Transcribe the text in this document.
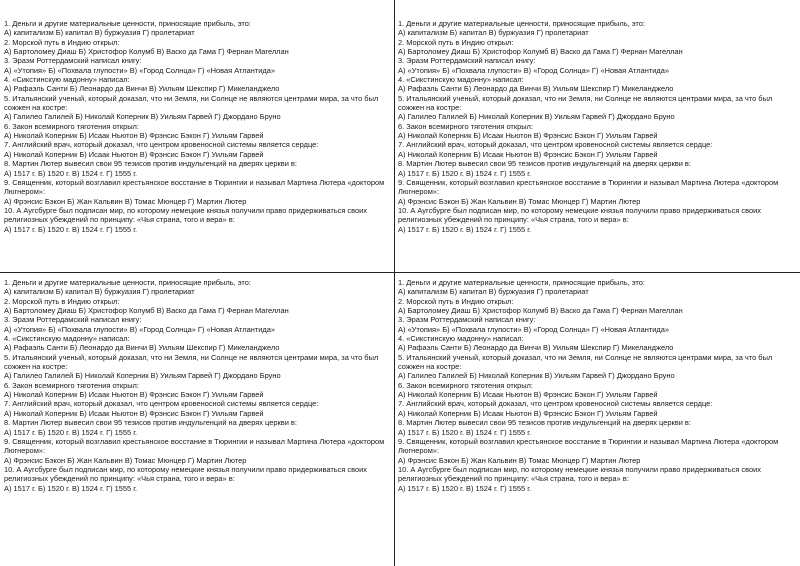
1. Деньги и другие материальные ценности, приносящие прибыль, это:

А) капитализм Б) капитал В) буржуазия Г) пролетариат

2. Морской путь в Индию открыл:

А) Бартоломеу Диаш Б) Христофор Колумб В) Васко да Гама Г) Фернан Магеллан

3. Эразм Роттердамский написал книгу:

А) «Утопия» Б) «Похвала глупости» В) «Город Солнца» Г) «Новая Атлантида»

4. «Сикстинскую мадонну» написал:

А) Рафаэль Санти Б) Леонардо да Винчи В) Уильям Шекспир Г) Микеланджело

5. Итальянский ученый, который доказал, что ни Земля, ни Солнце не являются центрами мира, за что был сожжен на костре:

А) Галилео Галилей Б) Николай Коперник В) Уильям Гарвей Г) Джордано Бруно

6. Закон всемирного тяготения открыл:

А) Николай Коперник Б) Исаак Ньютон В) Фрэнсис Бэкон Г) Уильям Гарвей

7. Английский врач, который доказал, что центром кровеносной системы является сердце:

А) Николай Коперник Б) Исаак Ньютон В) Фрэнсис Бэкон Г) Уильям Гарвей

8. Мартин Лютер вывесил свои 95 тезисов против индульгенций на дверях церкви в:

А) 1517 г. Б) 1520 г. В) 1524 г. Г) 1555 г.

9. Священник, который возглавил крестьянское восстание в Тюрингии и называл Мартина Лютера «доктором Люгнером»:

А) Фрэнсис Бэкон Б) Жан Кальвин В) Томас Мюнцер Г) Мартин Лютер

10. А Аугсбурге был подписан мир, по которому немецкие князья получили право придерживаться своих религиозных убеждений по принципу: «Чья страна, того и вера» в:

А) 1517 г. Б) 1520 г. В) 1524 г. Г) 1555 г.

1. Деньги и другие материальные ценности, приносящие прибыль, это:

А) капитализм Б) капитал В) буржуазия Г) пролетариат

2. Морской путь в Индию открыл:

А) Бартоломеу Диаш Б) Христофор Колумб В) Васко да Гама Г) Фернан Магеллан

3. Эразм Роттердамский написал книгу:

А) «Утопия» Б) «Похвала глупости» В) «Город Солнца» Г) «Новая Атлантида»

4. «Сикстинскую мадонну» написал:

А) Рафаэль Санти Б) Леонардо да Винчи В) Уильям Шекспир Г) Микеланджело

5. Итальянский ученый, который доказал, что ни Земля, ни Солнце не являются центрами мира, за что был сожжен на костре:

А) Галилео Галилей Б) Николай Коперник В) Уильям Гарвей Г) Джордано Бруно

6. Закон всемирного тяготения открыл:

А) Николай Коперник Б) Исаак Ньютон В) Фрэнсис Бэкон Г) Уильям Гарвей

7. Английский врач, который доказал, что центром кровеносной системы является сердце:

А) Николай Коперник Б) Исаак Ньютон В) Фрэнсис Бэкон Г) Уильям Гарвей

8. Мартин Лютер вывесил свои 95 тезисов против индульгенций на дверях церкви в:

А) 1517 г. Б) 1520 г. В) 1524 г. Г) 1555 г.

9. Священник, который возглавил крестьянское восстание в Тюрингии и называл Мартина Лютера «доктором Люгнером»:

А) Фрэнсис Бэкон Б) Жан Кальвин В) Томас Мюнцер Г) Мартин Лютер

10. А Аугсбурге был подписан мир, по которому немецкие князья получили право придерживаться своих религиозных убеждений по принципу: «Чья страна, того и вера» в:

А) 1517 г. Б) 1520 г. В) 1524 г. Г) 1555 г.

1. Деньги и другие материальные ценности, приносящие прибыль, это:

А) капитализм Б) капитал В) буржуазия Г) пролетариат

2. Морской путь в Индию открыл:

А) Бартоломеу Диаш Б) Христофор Колумб В) Васко да Гама Г) Фернан Магеллан

3. Эразм Роттердамский написал книгу:

А) «Утопия» Б) «Похвала глупости» В) «Город Солнца» Г) «Новая Атлантида»

4. «Сикстинскую мадонну» написал:

А) Рафаэль Санти Б) Леонардо да Винчи В) Уильям Шекспир Г) Микеланджело

5. Итальянский ученый, который доказал, что ни Земля, ни Солнце не являются центрами мира, за что был сожжен на костре:

А) Галилео Галилей Б) Николай Коперник В) Уильям Гарвей Г) Джордано Бруно

6. Закон всемирного тяготения открыл:

А) Николай Коперник Б) Исаак Ньютон В) Фрэнсис Бэкон Г) Уильям Гарвей

7. Английский врач, который доказал, что центром кровеносной системы является сердце:

А) Николай Коперник Б) Исаак Ньютон В) Фрэнсис Бэкон Г) Уильям Гарвей

8. Мартин Лютер вывесил свои 95 тезисов против индульгенций на дверях церкви в:

А) 1517 г. Б) 1520 г. В) 1524 г. Г) 1555 г.

9. Священник, который возглавил крестьянское восстание в Тюрингии и называл Мартина Лютера «доктором Люгнером»:

А) Фрэнсис Бэкон Б) Жан Кальвин В) Томас Мюнцер Г) Мартин Лютер

10. А Аугсбурге был подписан мир, по которому немецкие князья получили право придерживаться своих религиозных убеждений по принципу: «Чья страна, того и вера» в:

А) 1517 г. Б) 1520 г. В) 1524 г. Г) 1555 г.

1. Деньги и другие материальные ценности, приносящие прибыль, это:

А) капитализм Б) капитал В) буржуазия Г) пролетариат

2. Морской путь в Индию открыл:

А) Бартоломеу Диаш Б) Христофор Колумб В) Васко да Гама Г) Фернан Магеллан

3. Эразм Роттердамский написал книгу:

А) «Утопия» Б) «Похвала глупости» В) «Город Солнца» Г) «Новая Атлантида»

4. «Сикстинскую мадонну» написал:

А) Рафаэль Санти Б) Леонардо да Винчи В) Уильям Шекспир Г) Микеланджело

5. Итальянский ученый, который доказал, что ни Земля, ни Солнце не являются центрами мира, за что был сожжен на костре:

А) Галилео Галилей Б) Николай Коперник В) Уильям Гарвей Г) Джордано Бруно

6. Закон всемирного тяготения открыл:

А) Николай Коперник Б) Исаак Ньютон В) Фрэнсис Бэкон Г) Уильям Гарвей

7. Английский врач, который доказал, что центром кровеносной системы является сердце:

А) Николай Коперник Б) Исаак Ньютон В) Фрэнсис Бэкон Г) Уильям Гарвей

8. Мартин Лютер вывесил свои 95 тезисов против индульгенций на дверях церкви в:

А) 1517 г. Б) 1520 г. В) 1524 г. Г) 1555 г.

9. Священник, который возглавил крестьянское восстание в Тюрингии и называл Мартина Лютера «доктором Люгнером»:

А) Фрэнсис Бэкон Б) Жан Кальвин В) Томас Мюнцер Г) Мартин Лютер

10. А Аугсбурге был подписан мир, по которому немецкие князья получили право придерживаться своих религиозных убеждений по принципу: «Чья страна, того и вера» в:

А) 1517 г. Б) 1520 г. В) 1524 г. Г) 1555 г.
